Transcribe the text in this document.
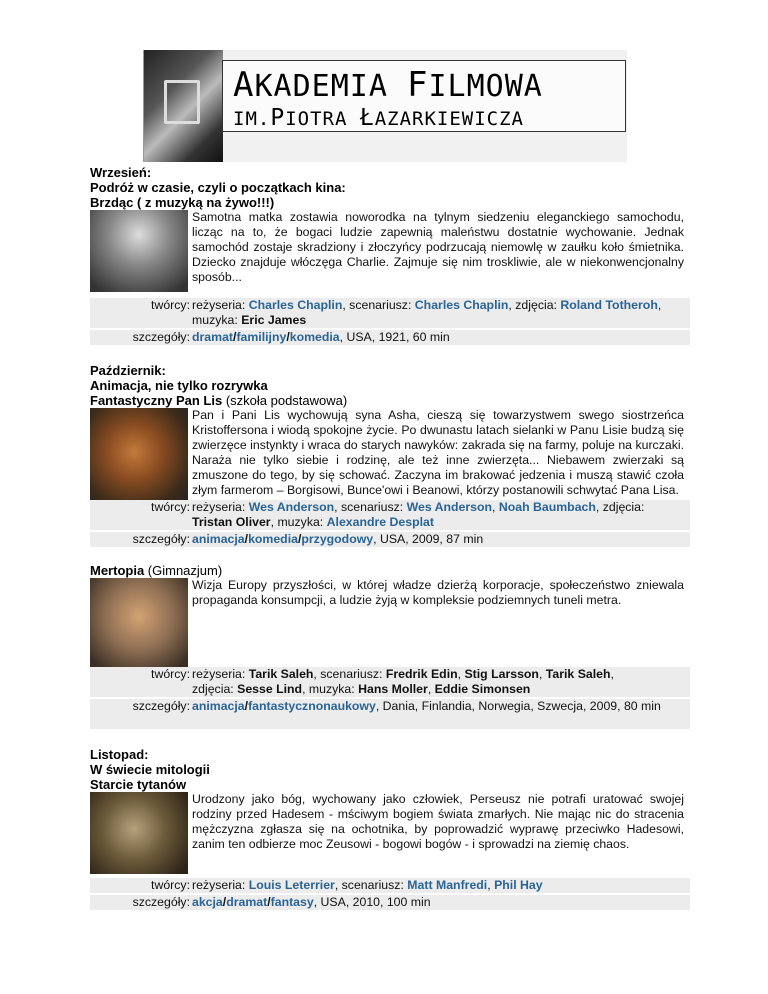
AKADEMIA FILMOWA
IM.PIOTRA ŁAZARKIEWICZA
Wrzesień:
Podróż w czasie, czyli o początkach kina:
Brzdąc ( z muzyką na żywo!!!)
Samotna matka zostawia noworodka na tylnym siedzeniu eleganckiego samochodu, licząc na to, że bogaci ludzie zapewnią maleństwu dostatnie wychowanie. Jednak samochód zostaje skradziony i złoczyńcy podrzucają niemowlę w zaułku koło śmietnika. Dziecko znajduje włóczęga Charlie. Zajmuje się nim troskliwie, ale w niekonwencjonalny sposób...
twórcy: reżyseria: Charles Chaplin, scenariusz: Charles Chaplin, zdjęcia: Roland Totheroh, muzyka: Eric James
szczegóły: dramat/familijny/komedia, USA, 1921, 60 min
Październik:
Animacja, nie tylko rozrywka
Fantastyczny Pan Lis (szkoła podstawowa)
Pan i Pani Lis wychowują syna Asha, cieszą się towarzystwem swego siostrzeńca Kristoffersona i wiodą spokojne życie. Po dwunastu latach sielanki w Panu Lisie budzą się zwierzęce instynkty i wraca do starych nawyków: zakrada się na farmy, poluje na kurczaki. Naraża nie tylko siebie i rodzinę, ale też inne zwierzęta... Niebawem zwierzaki są zmuszone do tego, by się schować. Zaczyna im brakować jedzenia i muszą stawić czoła złym farmerom – Borgisowi, Bunce'owi i Beanowi, którzy postanowili schwytać Pana Lisa.
twórcy: reżyseria: Wes Anderson, scenariusz: Wes Anderson, Noah Baumbach, zdjęcia: Tristan Oliver, muzyka: Alexandre Desplat
szczegóły: animacja/komedia/przygodowy, USA, 2009, 87 min
Mertopia (Gimnazjum)
Wizja Europy przyszłości, w której władze dzierżą korporacje, społeczeństwo zniewala propaganda konsumpcji, a ludzie żyją w kompleksie podziemnych tuneli metra.
twórcy: reżyseria: Tarik Saleh, scenariusz: Fredrik Edin, Stig Larsson, Tarik Saleh,
zdjęcia: Sesse Lind, muzyka: Hans Moller, Eddie Simonsen
szczegóły: animacja/fantastycznonaukowy, Dania, Finlandia, Norwegia, Szwecja, 2009, 80 min
Listopad:
W świecie mitologii
Starcie tytanów
Urodzony jako bóg, wychowany jako człowiek, Perseusz nie potrafi uratować swojej rodziny przed Hadesem - mściwym bogiem świata zmarłych. Nie mając nic do stracenia mężczyzna zgłasza się na ochotnika, by poprowadzić wyprawę przeciwko Hadesowi, zanim ten odbierze moc Zeusowi - bogowi bogów - i sprowadzi na ziemię chaos.
twórcy: reżyseria: Louis Leterrier, scenariusz: Matt Manfredi, Phil Hay
szczegóły: akcja/dramat/fantasy, USA, 2010, 100 min
